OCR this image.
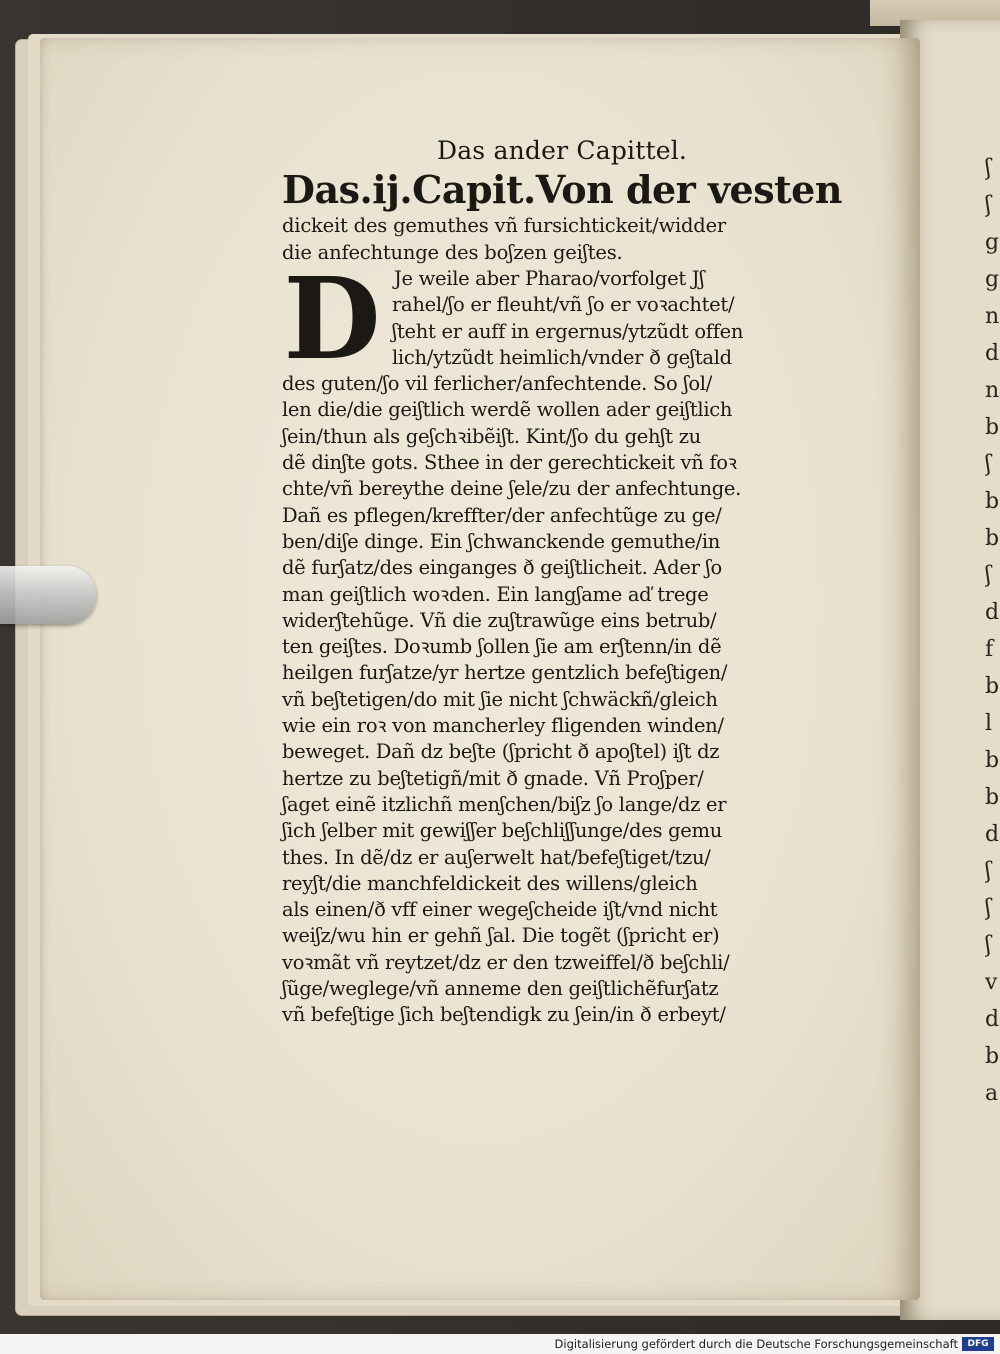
ʃ
ʃ
g
g
n
d
n
b
ʃ
b
b
ʃ
d
f
b
l
b
b
d
ʃ
ʃ
ʃ
v
d
b
a
Das ander Capittel.
Das.ij.Capit.Von der vesten
dickeit des gemuthes vñ fursichtickeit/widder
die anfechtunge des boʃzen geiʃtes.
D Je weile aber Pharao/vorfolget Jʃ
rahel/ʃo er fleuht/vñ ʃo er voꝛachtet/
ʃteht er auff in ergernus/ytzũdt offen
lich/ytzũdt heimlich/vnder ð geʃtald
des guten/ʃo vil ferlicher/anfechtende. So ʃol/
len die/die geiʃtlich werdẽ wollen ader geiʃtlich
ʃein/thun als geʃchꝛibẽiʃt. Kint/ʃo du gehʃt zu
dẽ dinʃte gots. Sthee in der gerechtickeit vñ foꝛ
chte/vñ bereythe deine ʃele/zu der anfechtunge.
Dañ es pflegen/kreffter/der anfechtũge zu ge/
ben/diʃe dinge. Ein ʃchwanckende gemuthe/in
dẽ furʃatz/des einganges ð geiʃtlicheit. Ader ʃo
man geiʃtlich woꝛden. Ein langʃame aď trege
widerʃtehũge. Vñ die zuʃtrawũge eins betrub/
ten geiʃtes. Doꝛumb ʃollen ʃie am erʃtenn/in dẽ
heilgen furʃatze/yr hertze gentzlich befeʃtigen/
vñ beʃtetigen/do mit ʃie nicht ʃchwäckñ/gleich
wie ein roꝛ von mancherley fligenden winden/
beweget. Dañ dz beʃte (ʃpricht ð apoʃtel) iʃt dz
hertze zu beʃtetigñ/mit ð gnade. Vñ Proʃper/
ʃaget einẽ itzlichñ menʃchen/biʃz ʃo lange/dz er
ʃich ʃelber mit gewiʃʃer beʃchliʃʃunge/des gemu
thes. In dẽ/dz er auʃerwelt hat/befeʃtiget/tzu/
reyʃt/die manchfeldickeit des willens/gleich
als einen/ð vff einer wegeʃcheide iʃt/vnd nicht
weiʃz/wu hin er gehñ ʃal. Die togẽt (ʃpricht er)
voꝛmãt vñ reytzet/dz er den tzweiffel/ð beʃchli/
ʃũge/weglege/vñ anneme den geiʃtlichẽfurʃatz
vñ befeʃtige ʃich beʃtendigk zu ʃein/in ð erbeyt/
Digitalisierung gefördert durch die Deutsche Forschungsgemeinschaft	DFG
